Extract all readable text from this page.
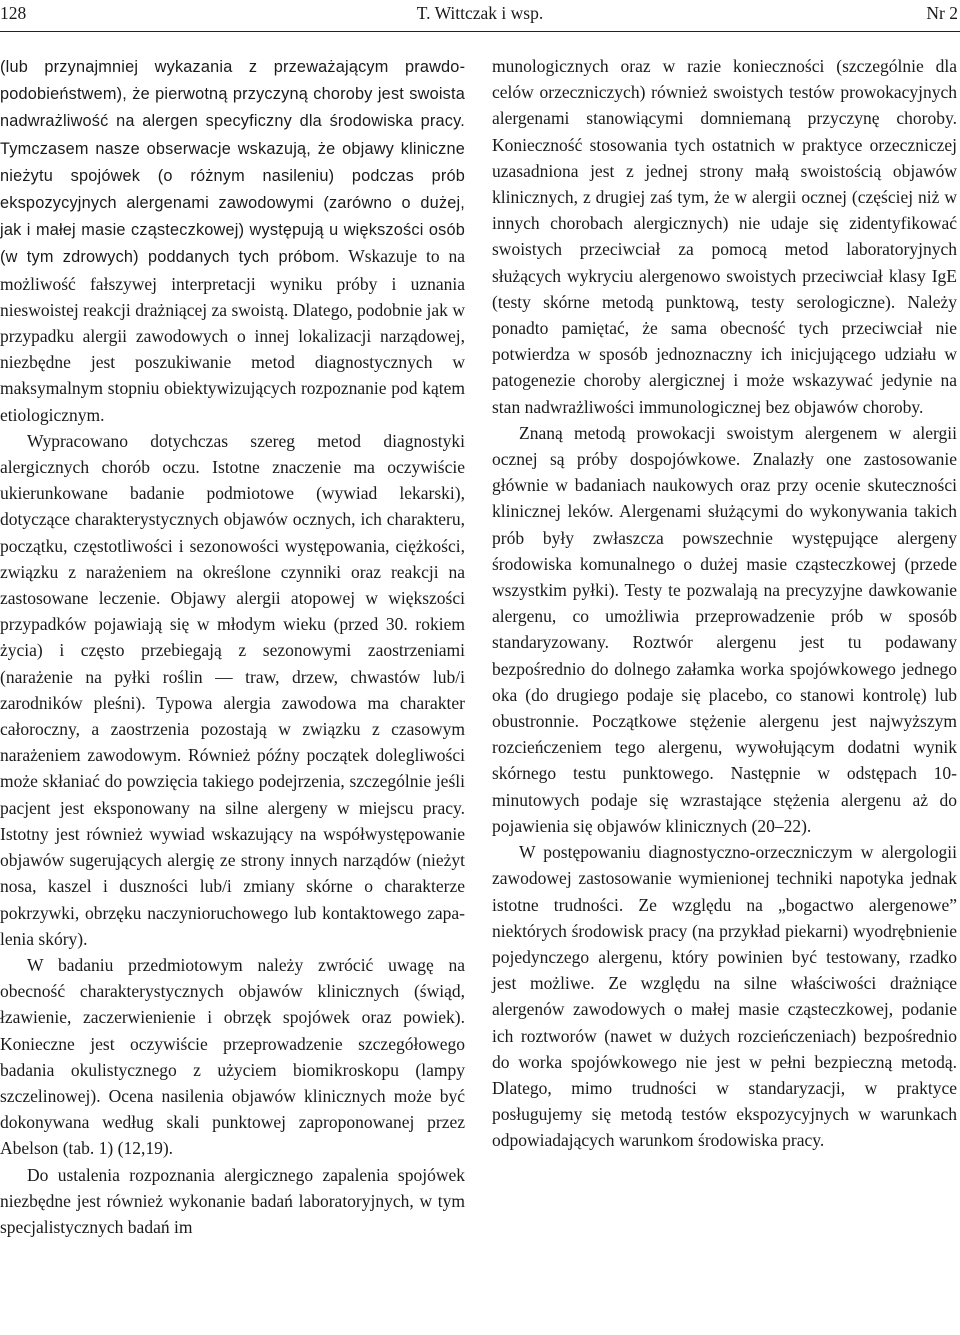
128	T. Wittczak i wsp.	Nr 2

(lub przynajmniej wykazania z przeważającym prawdopodobieństwem), że pierwotną przyczyną choroby jest swoista nadwrażliwość na alergen specyficzny dla środowiska pracy. Tymczasem nasze obserwacje wskazują, że objawy kliniczne nieżytu spojówek (o różnym nasileniu) podczas prób ekspozycyjnych alergenami zawodowymi (zarówno o dużej, jak i małej masie cząsteczkowej) występują u większości osób (w tym zdrowych) poddanych tych próbom. Wskazuje to na możliwość fałszywej interpretacji wyniku próby i uznania nieswoistej reakcji drażniącej za swoistą. Dlatego, podobnie jak w przypadku alergii zawodowych o innej lokalizacji narządowej, niezbędne jest poszukiwanie metod diagnostycznych w maksymalnym stopniu obiektywizujących rozpoznanie pod kątem etiologicznym.

Wypracowano dotychczas szereg metod diagnostyki alergicznych chorób oczu. Istotne znaczenie ma oczywiście ukierunkowane badanie podmiotowe (wywiad lekarski), dotyczące charakterystycznych objawów ocznych, ich charakteru, początku, częstotliwości i sezonowości występowania, ciężkości, związku z narażeniem na określone czynniki oraz reakcji na zastosowane leczenie. Objawy alergii atopowej w większości przypadków pojawiają się w młodym wieku (przed 30. rokiem życia) i często przebiegają z sezonowymi zaostrzeniami (narażenie na pyłki roślin — traw, drzew, chwastów lub/i zarodników pleśni). Typowa alergia zawodowa ma charakter całoroczny, a zaostrzenia pozostają w związku z czasowym narażeniem zawodowym. Również późny początek dolegliwości może skłaniać do powzięcia takiego podejrzenia, szczególnie jeśli pacjent jest eksponowany na silne alergeny w miejscu pracy. Istotny jest również wywiad wskazujący na współwystępowanie objawów sugerujących alergię ze strony innych narządów (nieżyt nosa, kaszel i duszności lub/i zmiany skórne o charakterze pokrzywki, obrzęku naczynioruchowego lub kontaktowego zapalenia skóry).

W badaniu przedmiotowym należy zwrócić uwagę na obecność charakterystycznych objawów klinicznych (świąd, łzawienie, zaczerwienienie i obrzęk spojówek oraz powiek). Konieczne jest oczywiście przeprowadzenie szczegółowego badania okulistycznego z użyciem biomikroskopu (lampy szczelinowej). Ocena nasilenia objawów klinicznych może być dokonywana według skali punktowej zaproponowanej przez Abelson (tab. 1) (12,19).

Do ustalenia rozpoznania alergicznego zapalenia spojówek niezbędne jest również wykonanie badań laboratoryjnych, w tym specjalistycznych badań im

munologicznych oraz w razie konieczności (szczególnie dla celów orzeczniczych) również swoistych testów prowokacyjnych alergenami stanowiącymi domniemaną przyczynę choroby. Konieczność stosowania tych ostatnich w praktyce orzeczniczej uzasadniona jest z jednej strony małą swoistością objawów klinicznych, z drugiej zaś tym, że w alergii ocznej (częściej niż w innych chorobach alergicznych) nie udaje się zidentyfikować swoistych przeciwciał za pomocą metod laboratoryjnych służących wykryciu alergenowo swoistych przeciwciał klasy IgE (testy skórne metodą punktową, testy serologiczne). Należy ponadto pamiętać, że sama obecność tych przeciwciał nie potwierdza w sposób jednoznaczny ich inicjującego udziału w patogenezie choroby alergicznej i może wskazywać jedynie na stan nadwrażliwości immunologicznej bez objawów choroby.

Znaną metodą prowokacji swoistym alergenem w alergii ocznej są próby dospojówkowe. Znalazły one zastosowanie głównie w badaniach naukowych oraz przy ocenie skuteczności klinicznej leków. Alergenami służącymi do wykonywania takich prób były zwłaszcza powszechnie występujące alergeny środowiska komunalnego o dużej masie cząsteczkowej (przede wszystkim pyłki). Testy te pozwalają na precyzyjne dawkowanie alergenu, co umożliwia przeprowadzenie prób w sposób standaryzowany. Roztwór alergenu jest tu podawany bezpośrednio do dolnego załamka worka spojówkowego jednego oka (do drugiego podaje się placebo, co stanowi kontrolę) lub obustronnie. Początkowe stężenie alergenu jest najwyższym rozcieńczeniem tego alergenu, wywołującym dodatni wynik skórnego testu punktowego. Następnie w odstępach 10-minutowych podaje się wzrastające stężenia alergenu aż do pojawienia się objawów klinicznych (20–22).

W postępowaniu diagnostyczno-orzeczniczym w alergologii zawodowej zastosowanie wymienionej techniki napotyka jednak istotne trudności. Ze względu na „bogactwo alergenowe” niektórych środowisk pracy (na przykład piekarni) wyodrębnienie pojedynczego alergenu, który powinien być testowany, rzadko jest możliwe. Ze względu na silne właściwości drażniące alergenów zawodowych o małej masie cząsteczkowej, podanie ich roztworów (nawet w dużych rozcieńczeniach) bezpośrednio do worka spojówkowego nie jest w pełni bezpieczną metodą. Dlatego, mimo trudności w standaryzacji, w praktyce posługujemy się metodą testów ekspozycyjnych w warunkach odpowiadających warunkom środowiska pracy.
